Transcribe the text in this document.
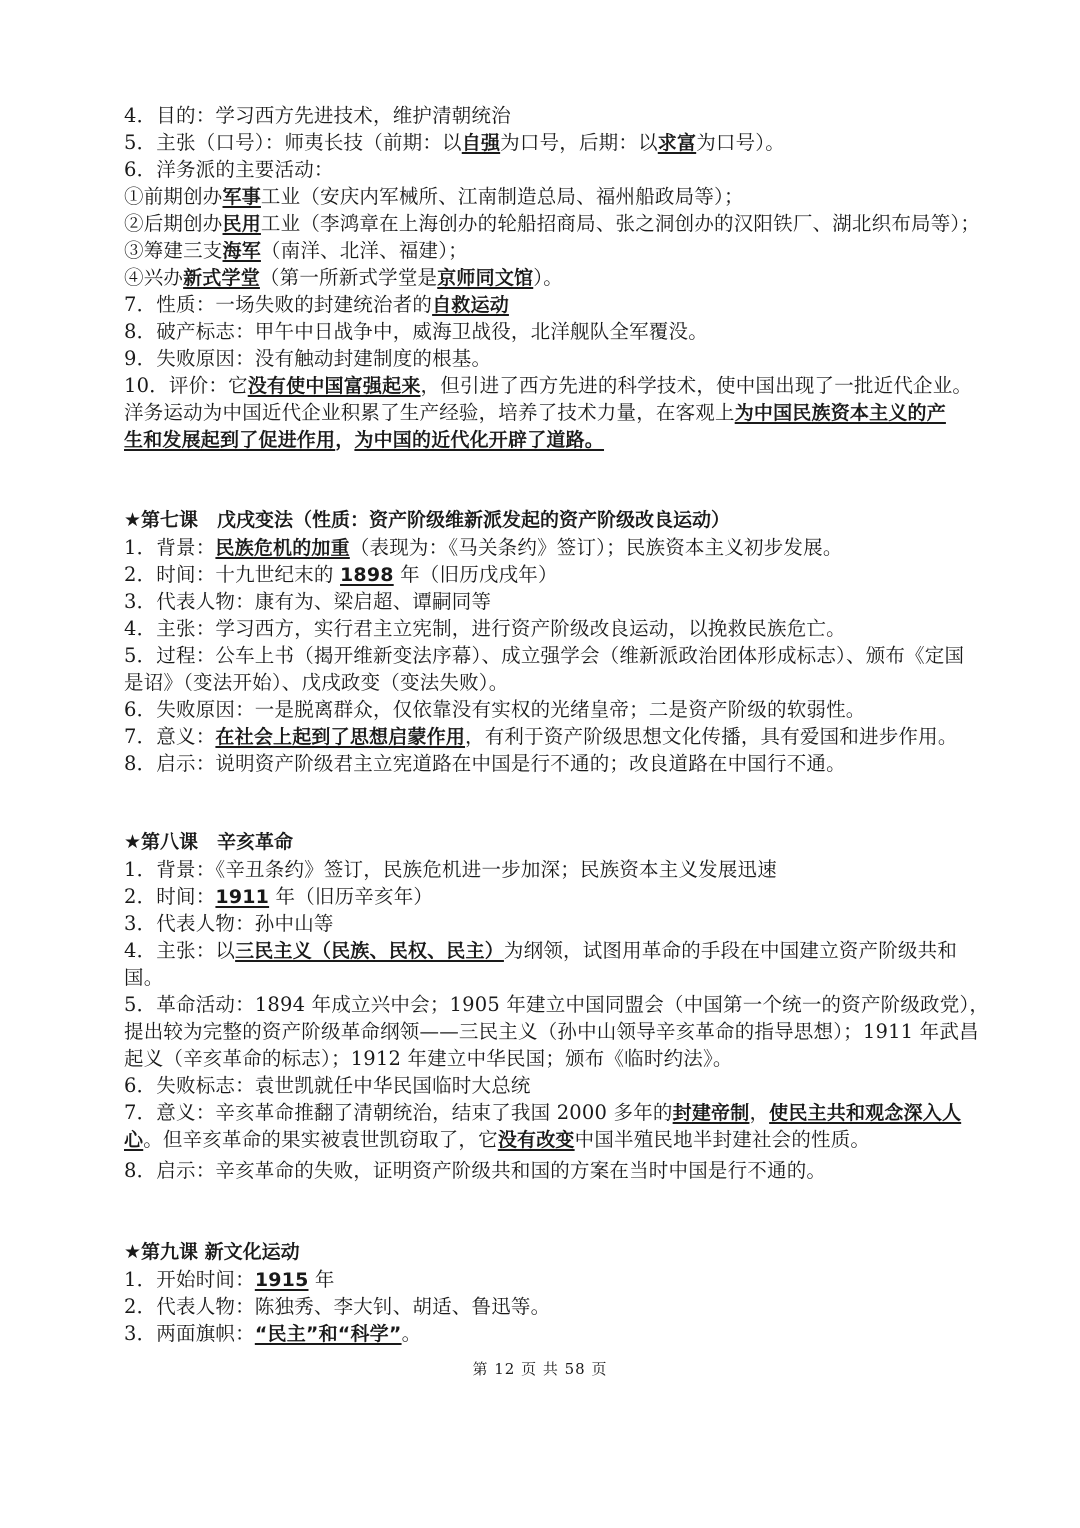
4．目的：学习西方先进技术，维护清朝统治
5．主张（口号）：师夷长技（前期：以自强为口号，后期：以求富为口号）。
6．洋务派的主要活动：
①前期创办军事工业（安庆内军械所、江南制造总局、福州船政局等）；
②后期创办民用工业（李鸿章在上海创办的轮船招商局、张之洞创办的汉阳铁厂、湖北织布局等）；
③筹建三支海军（南洋、北洋、福建）；
④兴办新式学堂（第一所新式学堂是京师同文馆）。
7．性质：一场失败的封建统治者的自救运动
8．破产标志：甲午中日战争中，威海卫战役，北洋舰队全军覆没。
9．失败原因：没有触动封建制度的根基。
10．评价：它没有使中国富强起来，但引进了西方先进的科学技术，使中国出现了一批近代企业。
洋务运动为中国近代企业积累了生产经验，培养了技术力量，在客观上为中国民族资本主义的产
生和发展起到了促进作用，为中国的近代化开辟了道路。
★第七课　戊戌变法（性质：资产阶级维新派发起的资产阶级改良运动）
1．背景：民族危机的加重（表现为：《马关条约》签订）；民族资本主义初步发展。
2．时间：十九世纪末的 1898 年（旧历戊戌年）
3．代表人物：康有为、梁启超、谭嗣同等
4．主张：学习西方，实行君主立宪制，进行资产阶级改良运动，以挽救民族危亡。
5．过程：公车上书（揭开维新变法序幕）、成立强学会（维新派政治团体形成标志）、颁布《定国
是诏》（变法开始）、戊戌政变（变法失败）。
6．失败原因：一是脱离群众，仅依靠没有实权的光绪皇帝；二是资产阶级的软弱性。
7．意义：在社会上起到了思想启蒙作用，有利于资产阶级思想文化传播，具有爱国和进步作用。
8．启示：说明资产阶级君主立宪道路在中国是行不通的；改良道路在中国行不通。
★第八课　辛亥革命
1．背景：《辛丑条约》签订，民族危机进一步加深；民族资本主义发展迅速
2．时间：1911 年（旧历辛亥年）
3．代表人物：孙中山等
4．主张：以三民主义（民族、民权、民主）为纲领，试图用革命的手段在中国建立资产阶级共和
国。
5．革命活动：1894 年成立兴中会；1905 年建立中国同盟会（中国第一个统一的资产阶级政党），
提出较为完整的资产阶级革命纲领——三民主义（孙中山领导辛亥革命的指导思想）；1911 年武昌
起义（辛亥革命的标志）；1912 年建立中华民国；颁布《临时约法》。
6．失败标志：袁世凯就任中华民国临时大总统
7．意义：辛亥革命推翻了清朝统治，结束了我国 2000 多年的封建帝制，使民主共和观念深入人
心。但辛亥革命的果实被袁世凯窃取了，它没有改变中国半殖民地半封建社会的性质。
8．启示：辛亥革命的失败，证明资产阶级共和国的方案在当时中国是行不通的。
★第九课 新文化运动
1．开始时间：1915 年
2．代表人物：陈独秀、李大钊、胡适、鲁迅等。
3．两面旗帜：“民主”和“科学”。
第 12 页 共 58 页
